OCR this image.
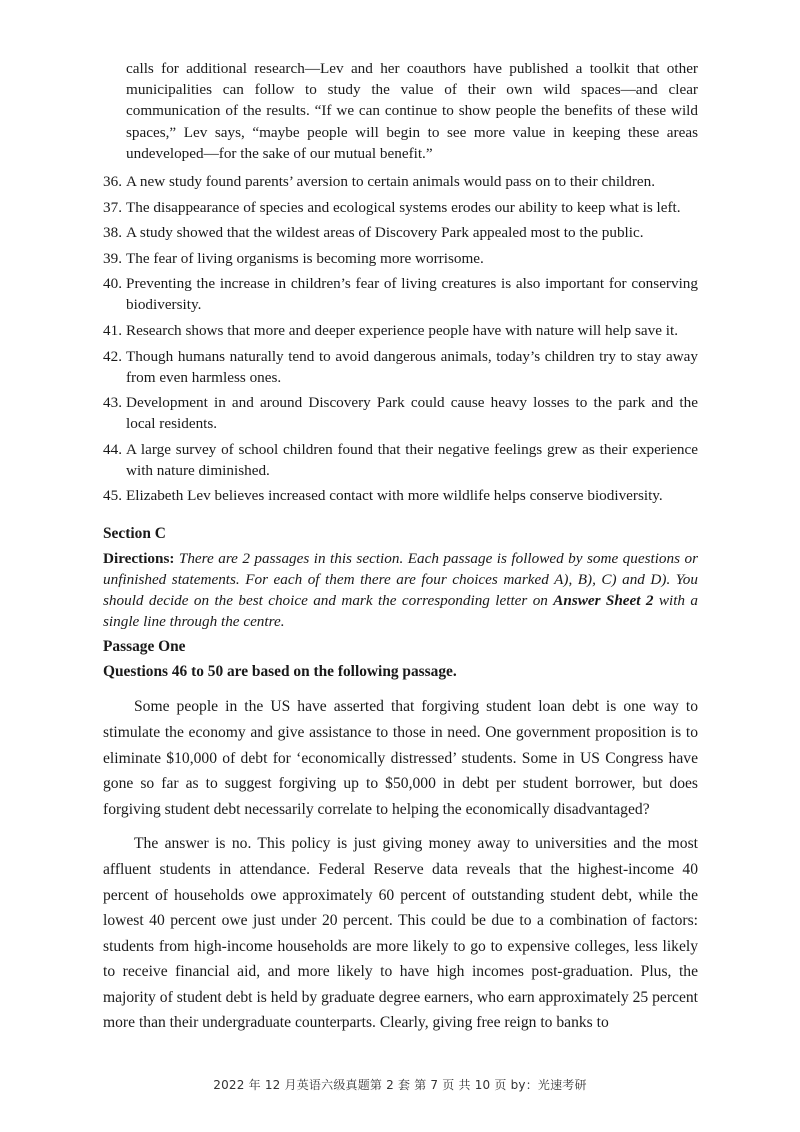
calls for additional research—Lev and her coauthors have published a toolkit that other municipalities can follow to study the value of their own wild spaces—and clear communication of the results. “If we can continue to show people the benefits of these wild spaces,” Lev says, “maybe people will begin to see more value in keeping these areas undeveloped—for the sake of our mutual benefit.”

36. A new study found parents’ aversion to certain animals would pass on to their children.
37. The disappearance of species and ecological systems erodes our ability to keep what is left.
38. A study showed that the wildest areas of Discovery Park appealed most to the public.
39. The fear of living organisms is becoming more worrisome.
40. Preventing the increase in children’s fear of living creatures is also important for conserving biodiversity.
41. Research shows that more and deeper experience people have with nature will help save it.
42. Though humans naturally tend to avoid dangerous animals, today’s children try to stay away from even harmless ones.
43. Development in and around Discovery Park could cause heavy losses to the park and the local residents.
44. A large survey of school children found that their negative feelings grew as their experience with nature diminished.
45. Elizabeth Lev believes increased contact with more wildlife helps conserve biodiversity.
Section C

Directions: There are 2 passages in this section. Each passage is followed by some questions or unfinished statements. For each of them there are four choices marked A), B), C) and D). You should decide on the best choice and mark the corresponding letter on Answer Sheet 2 with a single line through the centre.

Passage One
Questions 46 to 50 are based on the following passage.

Some people in the US have asserted that forgiving student loan debt is one way to stimulate the economy and give assistance to those in need. One government proposition is to eliminate $10,000 of debt for ‘economically distressed’ students. Some in US Congress have gone so far as to suggest forgiving up to $50,000 in debt per student borrower, but does forgiving student debt necessarily correlate to helping the economically disadvantaged?

The answer is no. This policy is just giving money away to universities and the most affluent students in attendance. Federal Reserve data reveals that the highest-income 40 percent of households owe approximately 60 percent of outstanding student debt, while the lowest 40 percent owe just under 20 percent. This could be due to a combination of factors: students from high-income households are more likely to go to expensive colleges, less likely to receive financial aid, and more likely to have high incomes post-graduation. Plus, the majority of student debt is held by graduate degree earners, who earn approximately 25 percent more than their undergraduate counterparts. Clearly, giving free reign to banks to

2022 年 12 月英语六级真题第 2 套 第 7 页 共 10 页 by：光速考研
